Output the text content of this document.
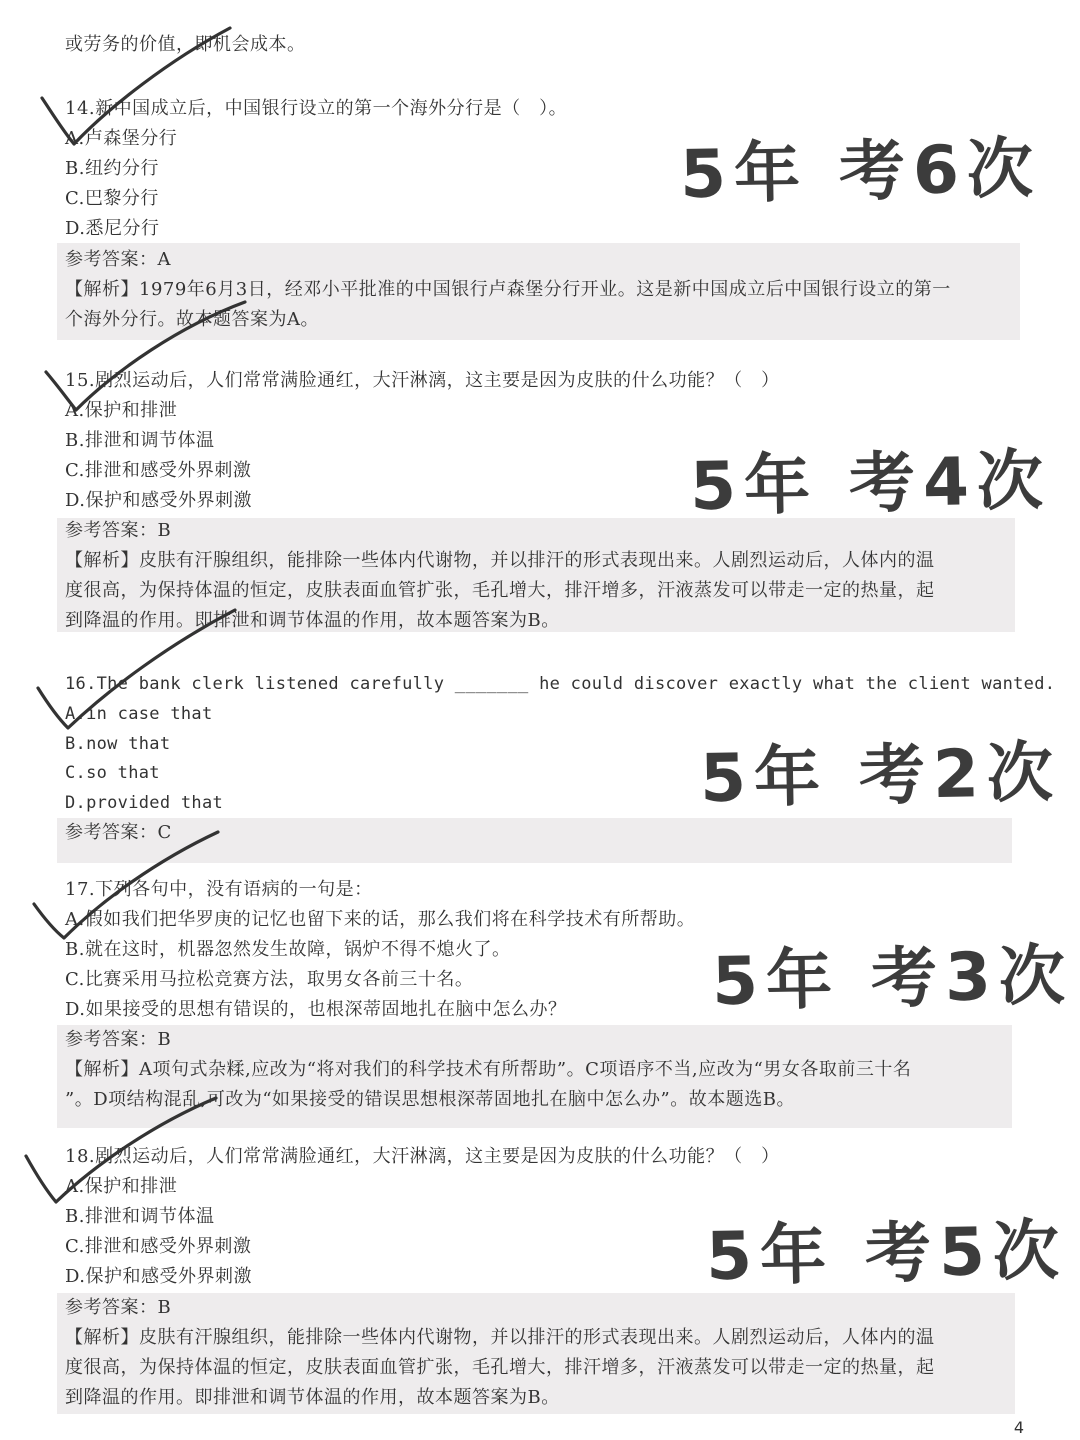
或劳务的价值，即机会成本。
14.新中国成立后，中国银行设立的第一个海外分行是（　）。
A.卢森堡分行
B.纽约分行
C.巴黎分行
D.悉尼分行
参考答案：A
【解析】1979年6月3日，经邓小平批准的中国银行卢森堡分行开业。这是新中国成立后中国银行设立的第一
个海外分行。故本题答案为A。
5年 考6次
15.剧烈运动后，人们常常满脸通红，大汗淋漓，这主要是因为皮肤的什么功能？（　）
A.保护和排泄
B.排泄和调节体温
C.排泄和感受外界刺激
D.保护和感受外界刺激
参考答案：B
【解析】皮肤有汗腺组织，能排除一些体内代谢物，并以排汗的形式表现出来。人剧烈运动后，人体内的温
度很高，为保持体温的恒定，皮肤表面血管扩张，毛孔增大，排汗增多，汗液蒸发可以带走一定的热量，起
到降温的作用。即排泄和调节体温的作用，故本题答案为B。
5年 考4次
16.The bank clerk listened carefully _______ he could discover exactly what the client wanted.
A.in case that
B.now that
C.so that
D.provided that
参考答案：C
5年 考2次
17.下列各句中，没有语病的一句是：
A.假如我们把华罗庚的记忆也留下来的话，那么我们将在科学技术有所帮助。
B.就在这时，机器忽然发生故障，锅炉不得不熄火了。
C.比赛采用马拉松竞赛方法，取男女各前三十名。
D.如果接受的思想有错误的，也根深蒂固地扎在脑中怎么办？
参考答案：B
【解析】A项句式杂糅,应改为“将对我们的科学技术有所帮助”。C项语序不当,应改为“男女各取前三十名
”。D项结构混乱,可改为“如果接受的错误思想根深蒂固地扎在脑中怎么办”。故本题选B。
5年 考3次
18.剧烈运动后，人们常常满脸通红，大汗淋漓，这主要是因为皮肤的什么功能？（　）
A.保护和排泄
B.排泄和调节体温
C.排泄和感受外界刺激
D.保护和感受外界刺激
参考答案：B
【解析】皮肤有汗腺组织，能排除一些体内代谢物，并以排汗的形式表现出来。人剧烈运动后，人体内的温
度很高，为保持体温的恒定，皮肤表面血管扩张，毛孔增大，排汗增多，汗液蒸发可以带走一定的热量，起
到降温的作用。即排泄和调节体温的作用，故本题答案为B。
5年 考5次
4
